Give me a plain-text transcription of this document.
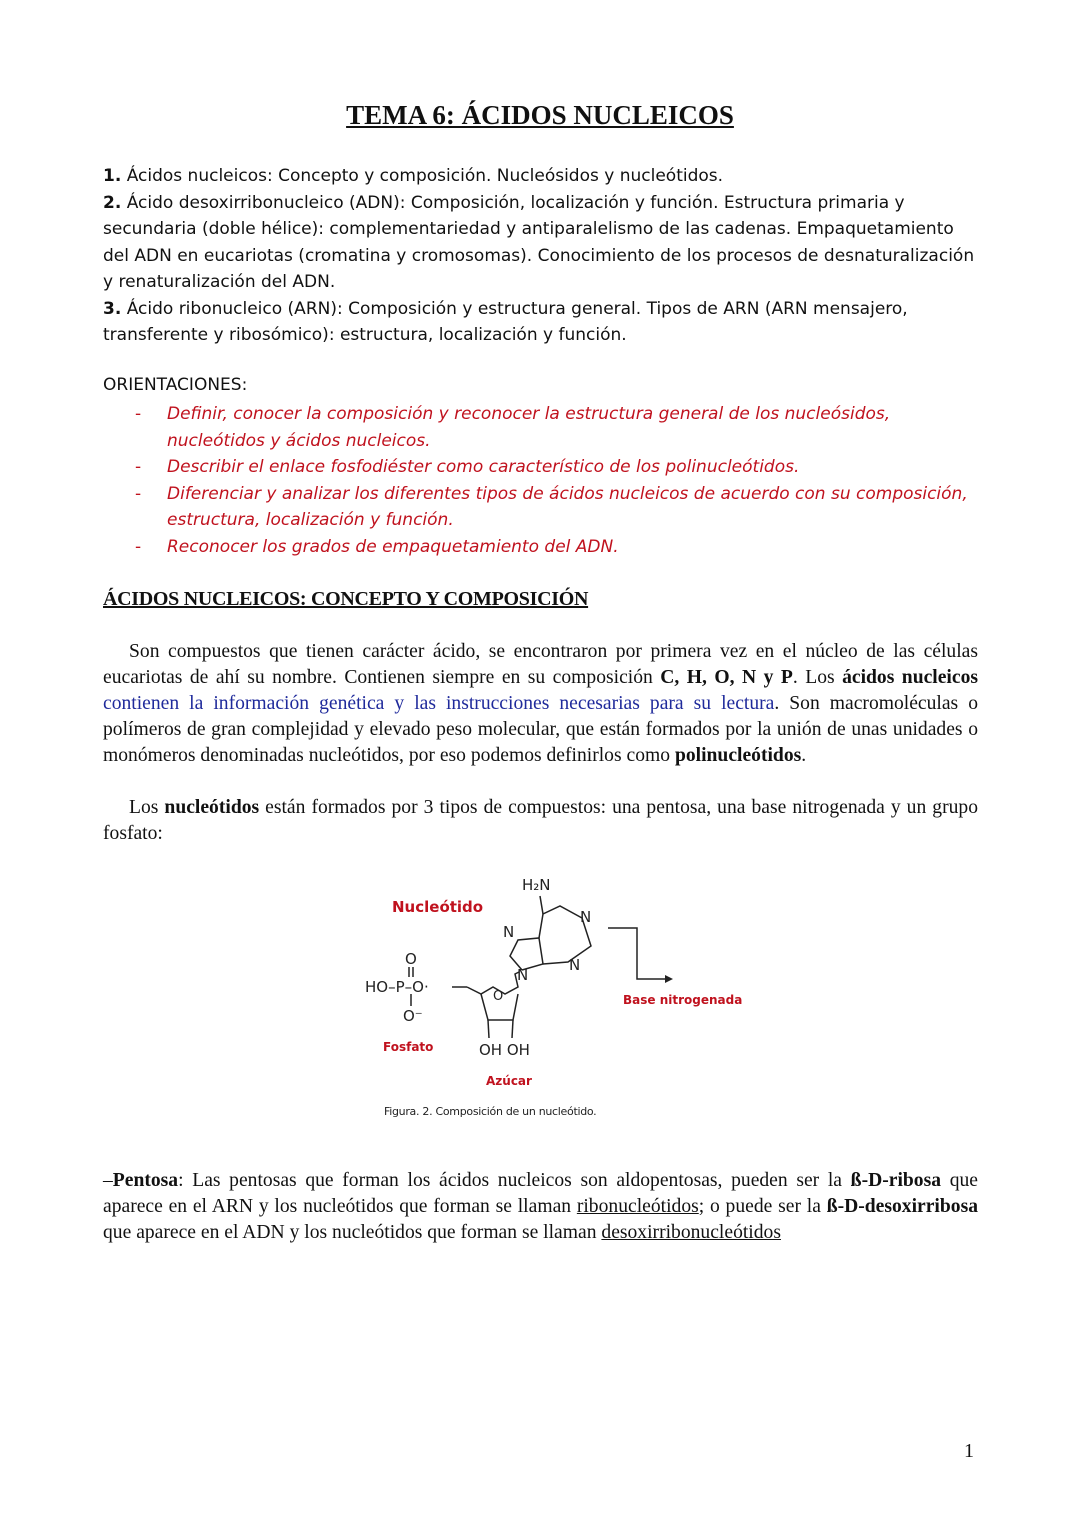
TEMA 6: ÁCIDOS NUCLEICOS

1. Ácidos nucleicos: Concepto y composición. Nucleósidos y nucleótidos.

2. Ácido desoxirribonucleico (ADN): Composición, localización y función. Estructura primaria y secundaria (doble hélice): complementariedad y antiparalelismo de las cadenas. Empaquetamiento del ADN en eucariotas (cromatina y cromosomas). Conocimiento de los procesos de desnaturalización y renaturalización del ADN.

3. Ácido ribonucleico (ARN): Composición y estructura general. Tipos de ARN (ARN mensajero, transferente y ribosómico): estructura, localización y función.

ORIENTACIONES:

- Definir, conocer la composición y reconocer la estructura general de los nucleósidos, nucleótidos y ácidos nucleicos.
- Describir el enlace fosfodiéster como característico de los polinucleótidos.
- Diferenciar y analizar los diferentes tipos de ácidos nucleicos de acuerdo con su composición, estructura, localización y función.
- Reconocer los grados de empaquetamiento del ADN.
ÁCIDOS NUCLEICOS: CONCEPTO Y COMPOSICIÓN

Son compuestos que tienen carácter ácido, se encontraron por primera vez en el núcleo de las células eucariotas de ahí su nombre. Contienen siempre en su composición C, H, O, N y P. Los ácidos nucleicos contienen la información genética y las instrucciones necesarias para su lectura. Son macromoléculas o polímeros de gran complejidad y elevado peso molecular, que están formados por la unión de unas unidades o monómeros denominadas nucleótidos, por eso podemos definirlos como polinucleótidos.

Los nucleótidos están formados por 3 tipos de compuestos: una pentosa, una base nitrogenada y un grupo fosfato:

Nucleótido
Base nitrogenada
Fosfato
Azúcar
H₂N
N
N
N
N
O
HO–P–O·
O⁻
O
OH OH
Figura. 2. Composición de un nucleótido.

–Pentosa: Las pentosas que forman los ácidos nucleicos son aldopentosas, pueden ser la ß-D-ribosa que aparece en el ARN y los nucleótidos que forman se llaman ribonucleótidos; o puede ser la ß-D-desoxirribosa que aparece en el ADN y los nucleótidos que forman se llaman desoxirribonucleótidos

1
